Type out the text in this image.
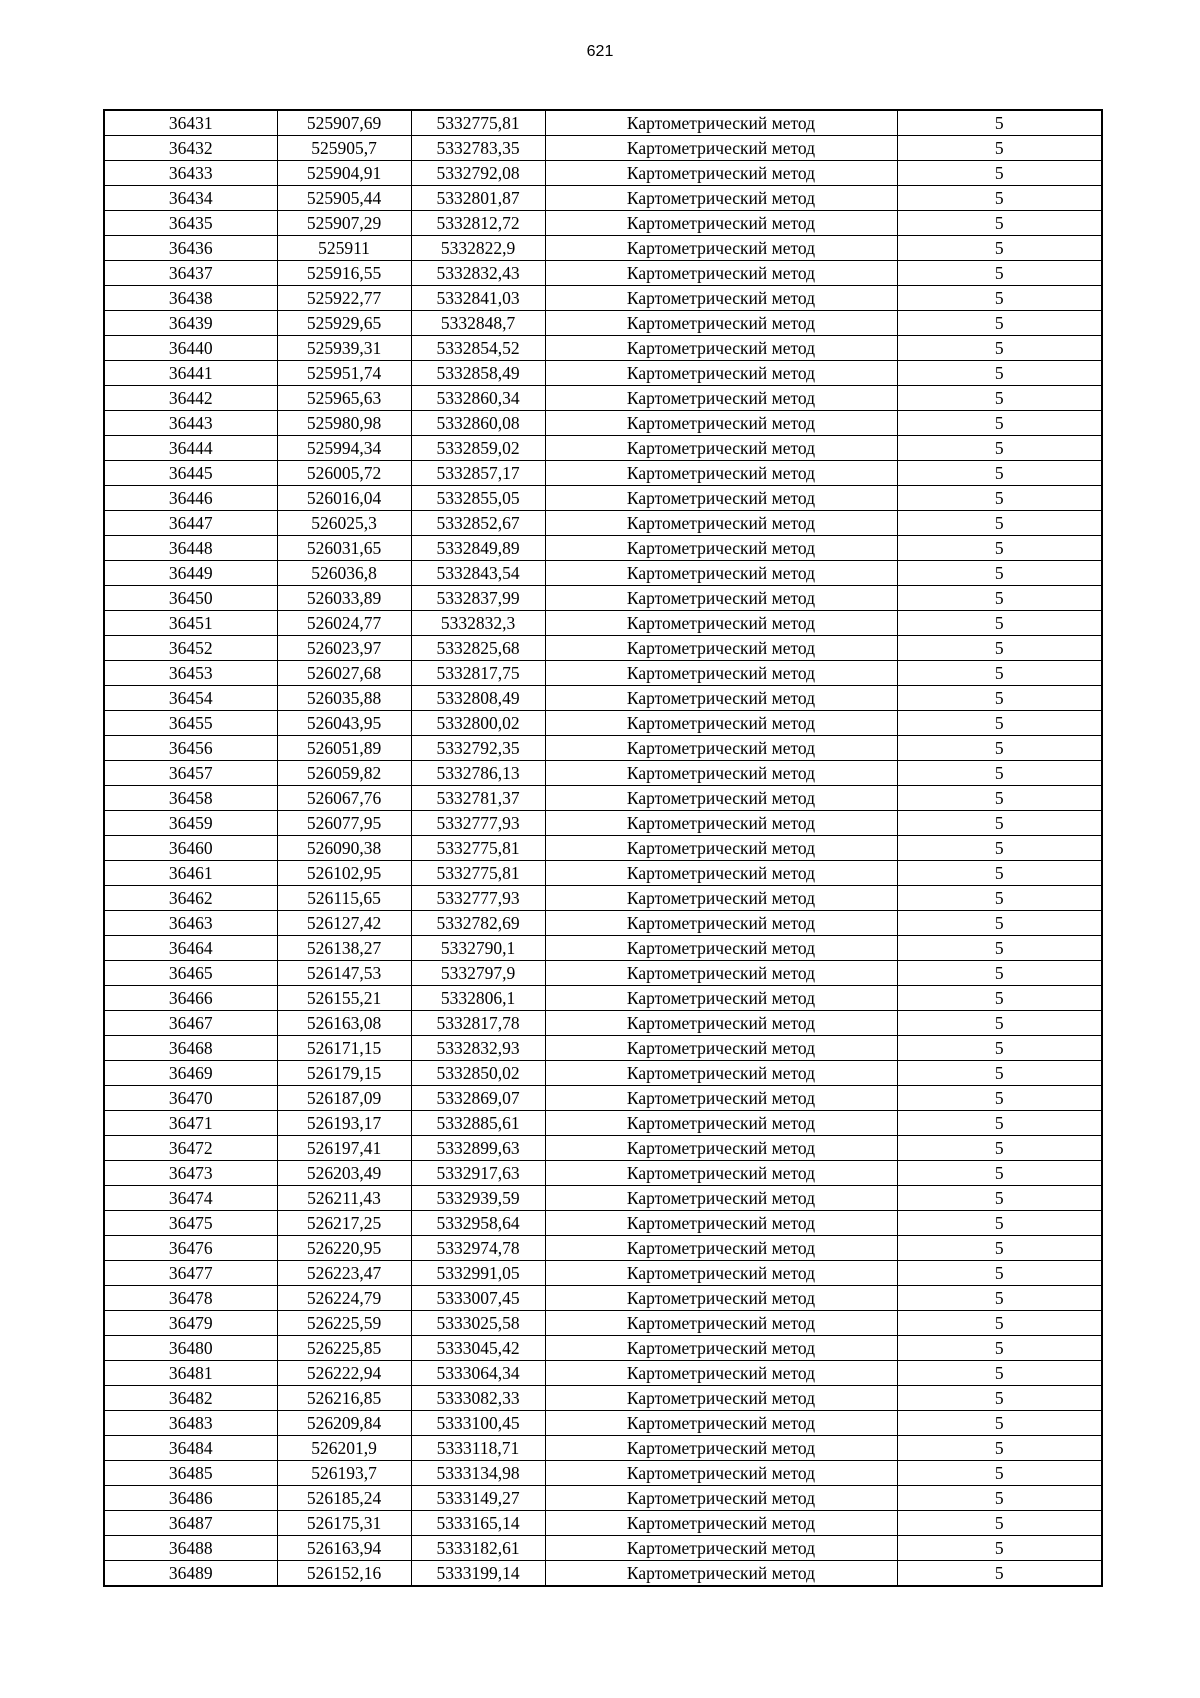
621
36431	525907,69	5332775,81	Картометрический метод	5
36432	525905,7	5332783,35	Картометрический метод	5
36433	525904,91	5332792,08	Картометрический метод	5
36434	525905,44	5332801,87	Картометрический метод	5
36435	525907,29	5332812,72	Картометрический метод	5
36436	525911	5332822,9	Картометрический метод	5
36437	525916,55	5332832,43	Картометрический метод	5
36438	525922,77	5332841,03	Картометрический метод	5
36439	525929,65	5332848,7	Картометрический метод	5
36440	525939,31	5332854,52	Картометрический метод	5
36441	525951,74	5332858,49	Картометрический метод	5
36442	525965,63	5332860,34	Картометрический метод	5
36443	525980,98	5332860,08	Картометрический метод	5
36444	525994,34	5332859,02	Картометрический метод	5
36445	526005,72	5332857,17	Картометрический метод	5
36446	526016,04	5332855,05	Картометрический метод	5
36447	526025,3	5332852,67	Картометрический метод	5
36448	526031,65	5332849,89	Картометрический метод	5
36449	526036,8	5332843,54	Картометрический метод	5
36450	526033,89	5332837,99	Картометрический метод	5
36451	526024,77	5332832,3	Картометрический метод	5
36452	526023,97	5332825,68	Картометрический метод	5
36453	526027,68	5332817,75	Картометрический метод	5
36454	526035,88	5332808,49	Картометрический метод	5
36455	526043,95	5332800,02	Картометрический метод	5
36456	526051,89	5332792,35	Картометрический метод	5
36457	526059,82	5332786,13	Картометрический метод	5
36458	526067,76	5332781,37	Картометрический метод	5
36459	526077,95	5332777,93	Картометрический метод	5
36460	526090,38	5332775,81	Картометрический метод	5
36461	526102,95	5332775,81	Картометрический метод	5
36462	526115,65	5332777,93	Картометрический метод	5
36463	526127,42	5332782,69	Картометрический метод	5
36464	526138,27	5332790,1	Картометрический метод	5
36465	526147,53	5332797,9	Картометрический метод	5
36466	526155,21	5332806,1	Картометрический метод	5
36467	526163,08	5332817,78	Картометрический метод	5
36468	526171,15	5332832,93	Картометрический метод	5
36469	526179,15	5332850,02	Картометрический метод	5
36470	526187,09	5332869,07	Картометрический метод	5
36471	526193,17	5332885,61	Картометрический метод	5
36472	526197,41	5332899,63	Картометрический метод	5
36473	526203,49	5332917,63	Картометрический метод	5
36474	526211,43	5332939,59	Картометрический метод	5
36475	526217,25	5332958,64	Картометрический метод	5
36476	526220,95	5332974,78	Картометрический метод	5
36477	526223,47	5332991,05	Картометрический метод	5
36478	526224,79	5333007,45	Картометрический метод	5
36479	526225,59	5333025,58	Картометрический метод	5
36480	526225,85	5333045,42	Картометрический метод	5
36481	526222,94	5333064,34	Картометрический метод	5
36482	526216,85	5333082,33	Картометрический метод	5
36483	526209,84	5333100,45	Картометрический метод	5
36484	526201,9	5333118,71	Картометрический метод	5
36485	526193,7	5333134,98	Картометрический метод	5
36486	526185,24	5333149,27	Картометрический метод	5
36487	526175,31	5333165,14	Картометрический метод	5
36488	526163,94	5333182,61	Картометрический метод	5
36489	526152,16	5333199,14	Картометрический метод	5
